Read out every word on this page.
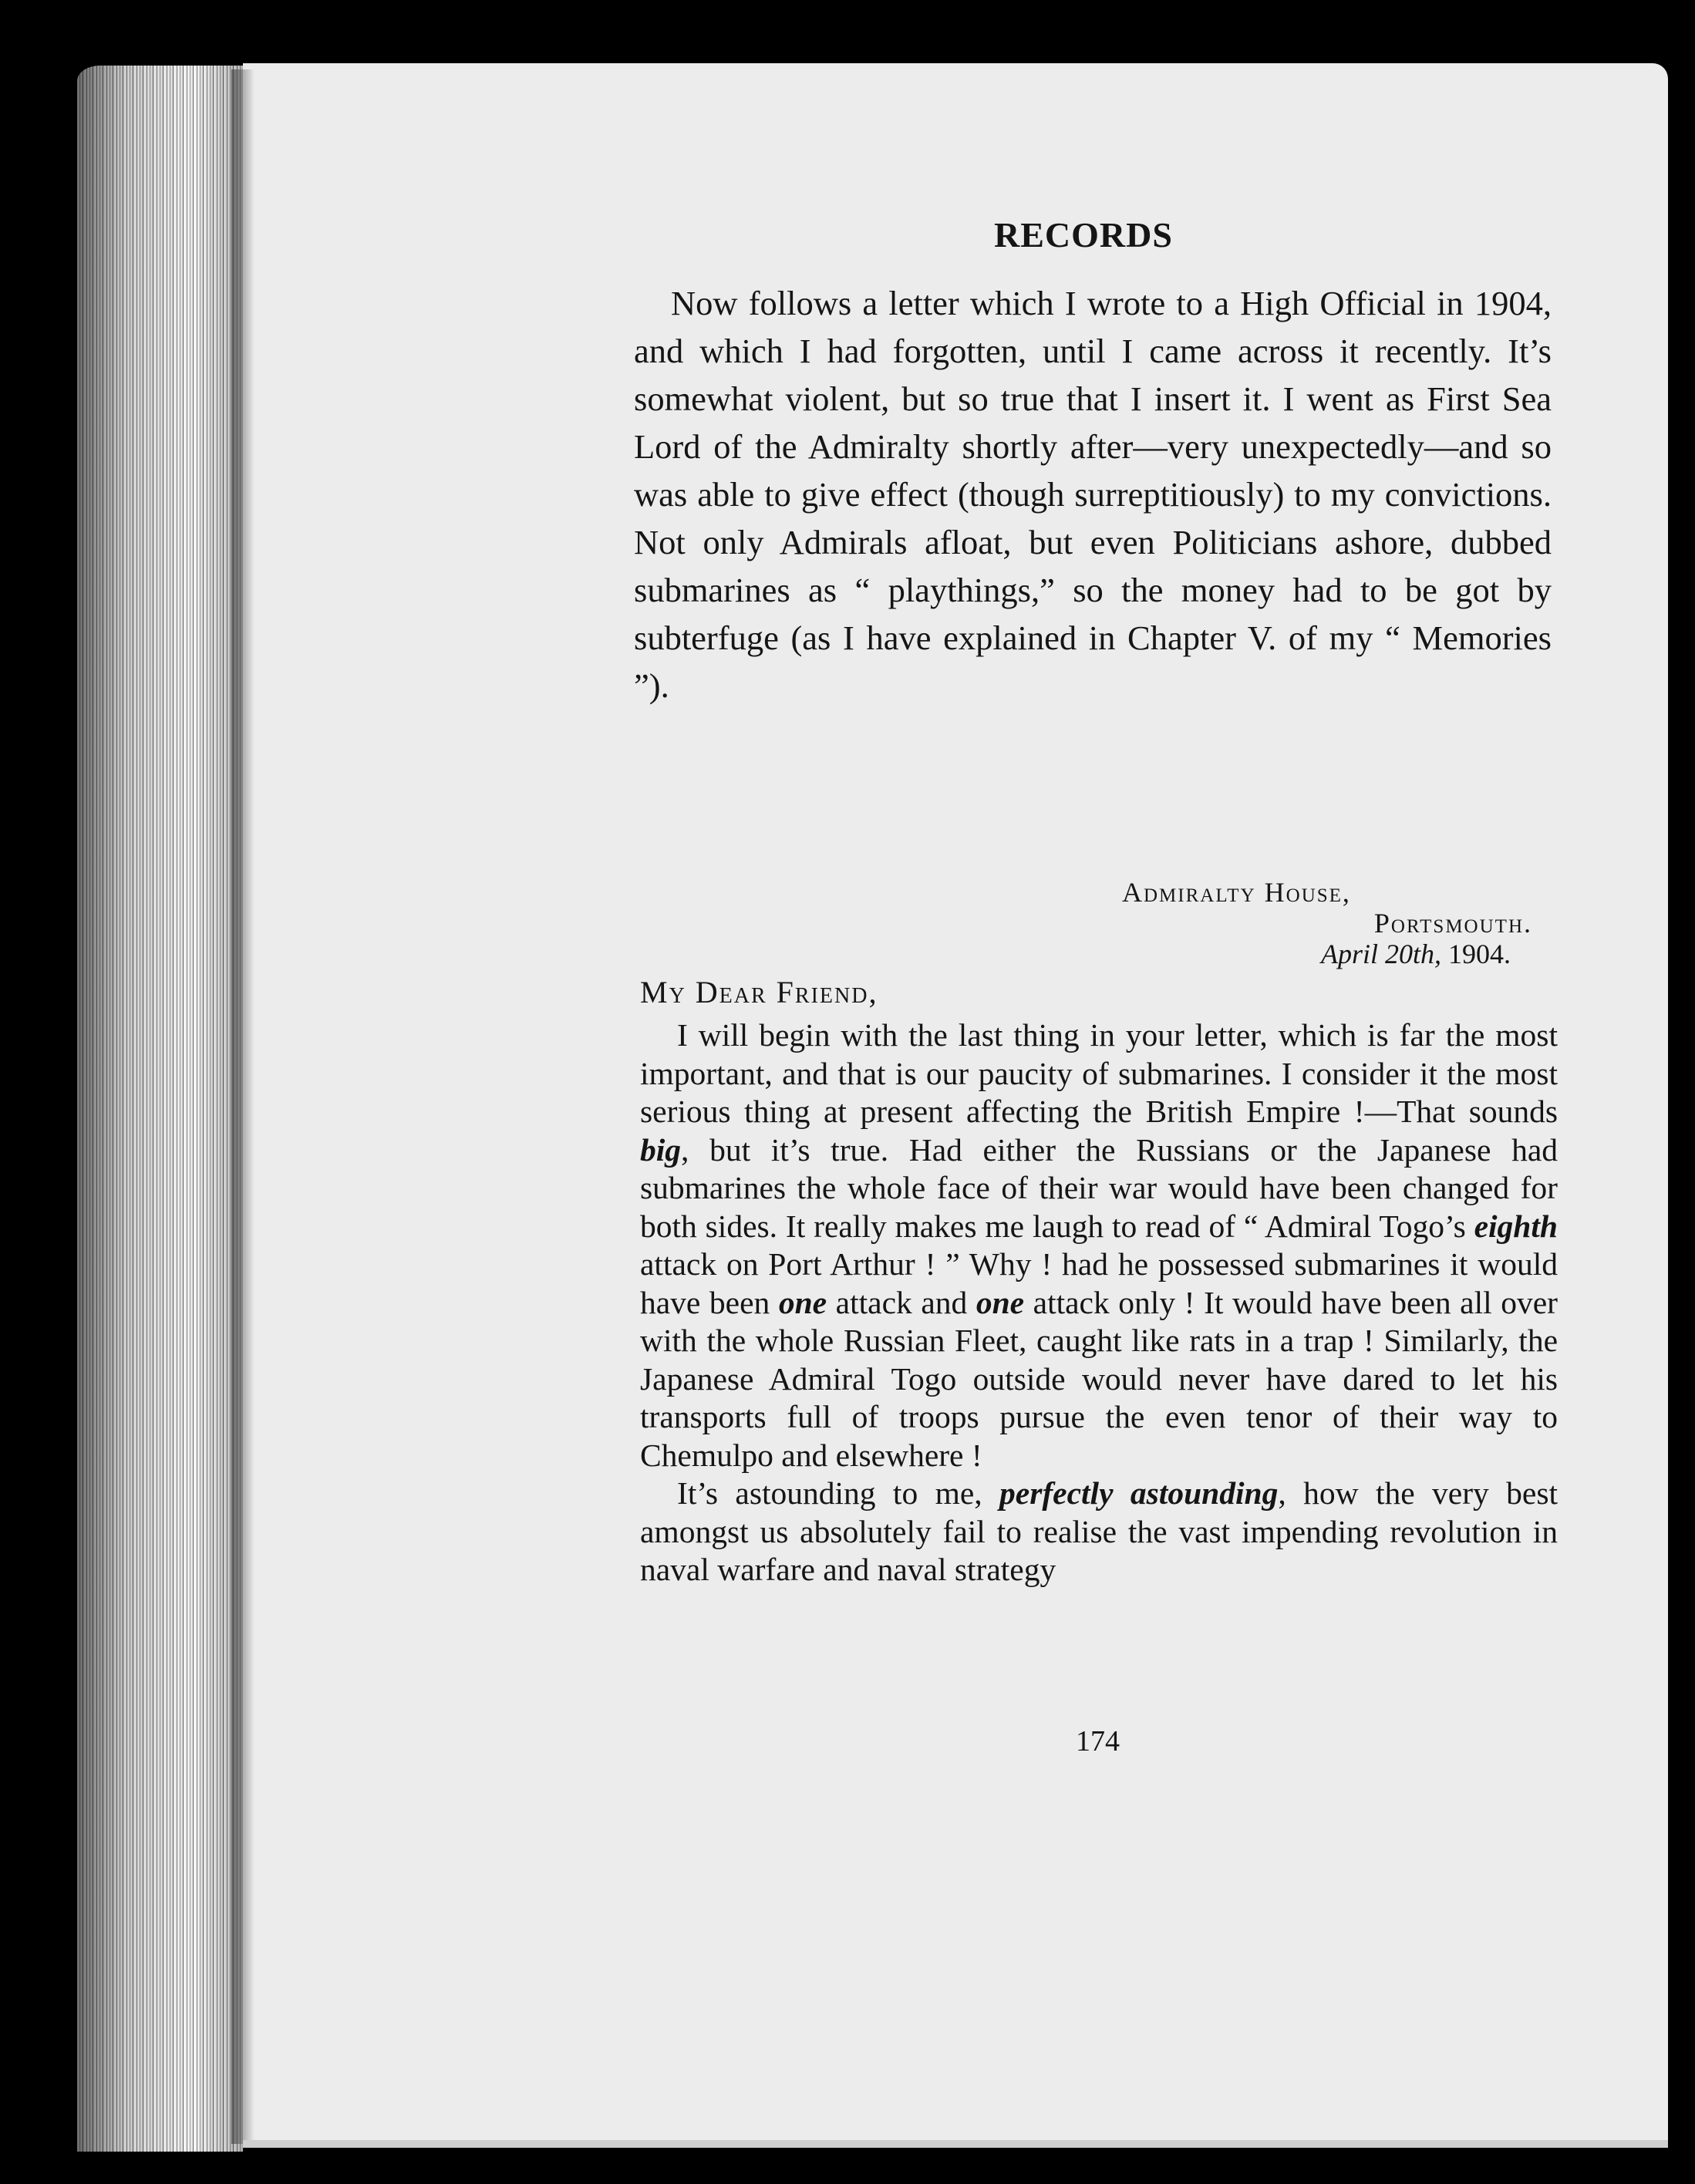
RECORDS

Now follows a letter which I wrote to a High Official in 1904, and which I had forgotten, until I came across it recently. It’s somewhat violent, but so true that I insert it. I went as First Sea Lord of the Admiralty shortly after—very unexpectedly—and so was able to give effect (though surreptitiously) to my convictions. Not only Admirals afloat, but even Politicians ashore, dubbed submarines as “ playthings,” so the money had to be got by subterfuge (as I have explained in Chapter V. of my “ Memories ”).

Admiralty House,
Portsmouth.
April 20th, 1904.
My Dear Friend,

I will begin with the last thing in your letter, which is far the most important, and that is our paucity of submarines. I consider it the most serious thing at present affecting the British Empire !—That sounds big, but it’s true. Had either the Russians or the Japanese had submarines the whole face of their war would have been changed for both sides. It really makes me laugh to read of “ Admiral Togo’s eighth attack on Port Arthur ! ” Why ! had he possessed submarines it would have been one attack and one attack only ! It would have been all over with the whole Russian Fleet, caught like rats in a trap ! Similarly, the Japanese Admiral Togo outside would never have dared to let his transports full of troops pursue the even tenor of their way to Chemulpo and elsewhere !

It’s astounding to me, perfectly astounding, how the very best amongst us absolutely fail to realise the vast impending revolution in naval warfare and naval strategy

174
